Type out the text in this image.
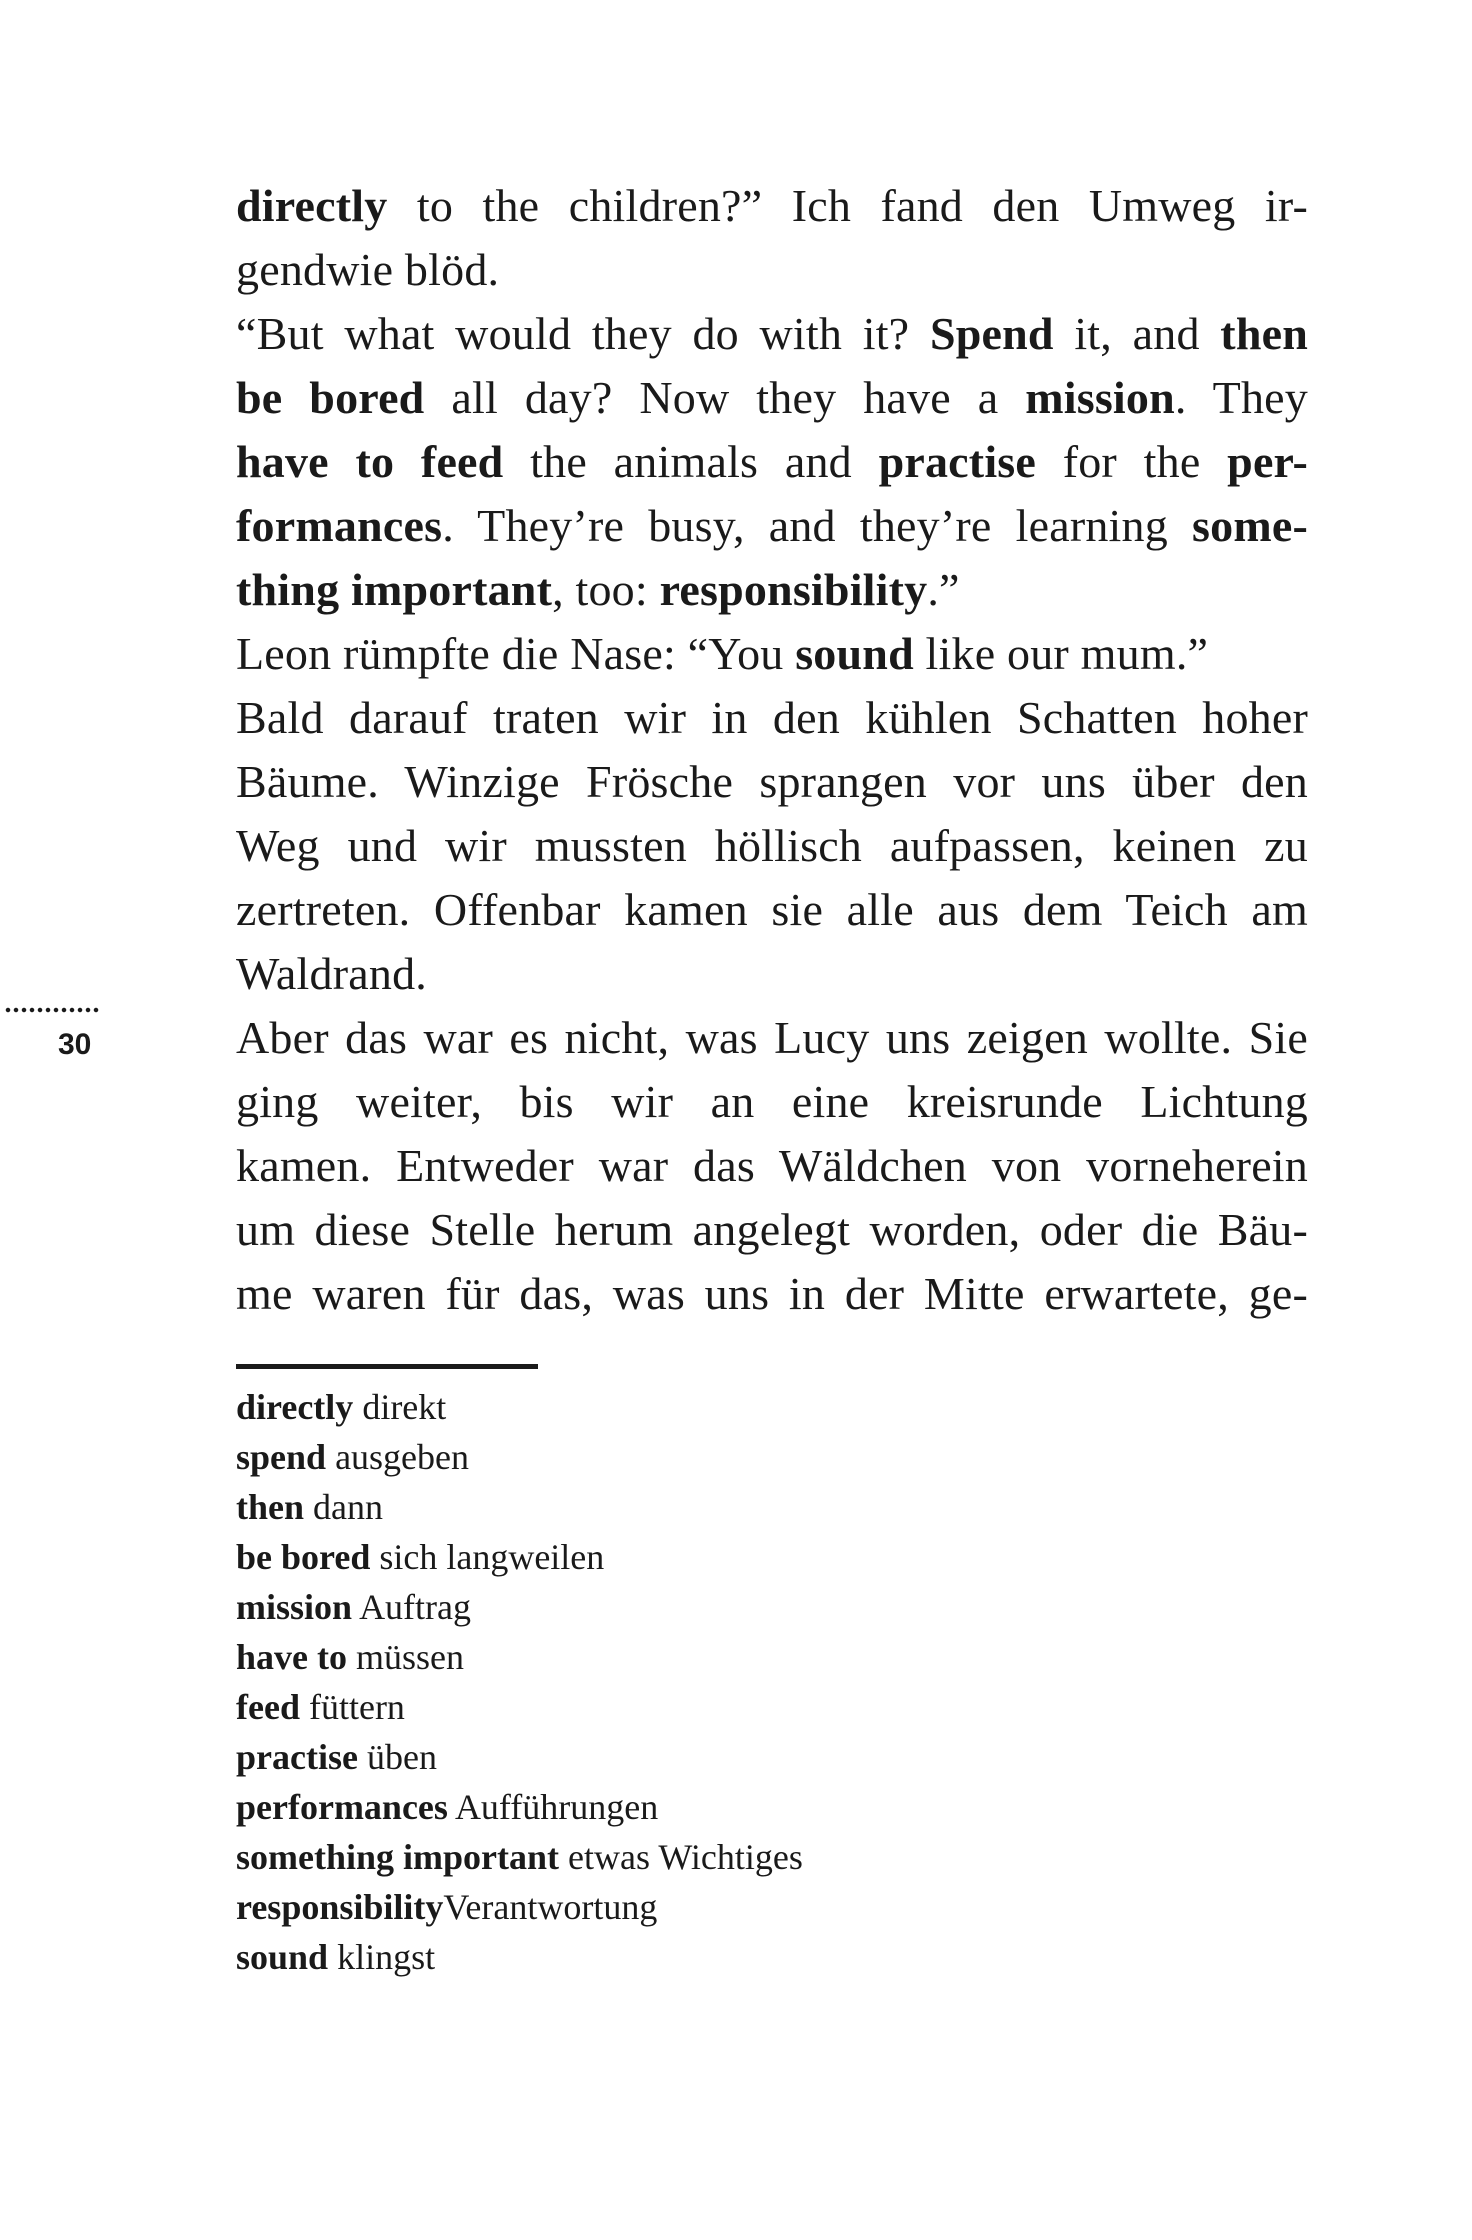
directly to the children?” Ich fand den Umweg ir-
gendwie blöd.
“But what would they do with it? Spend it, and then
be bored all day? Now they have a mission. They
have to feed the animals and practise for the per-
formances. They’re busy, and they’re learning some-
thing important, too: responsibility.”
Leon rümpfte die Nase: “You sound like our mum.”
Bald darauf traten wir in den kühlen Schatten hoher
Bäume. Winzige Frösche sprangen vor uns über den
Weg und wir mussten höllisch aufpassen, keinen zu
zertreten. Offenbar kamen sie alle aus dem Teich am
Waldrand.
Aber das war es nicht, was Lucy uns zeigen wollte. Sie
ging weiter, bis wir an eine kreisrunde Lichtung
kamen. Entweder war das Wäldchen von vorneherein
um diese Stelle herum angelegt worden, oder die Bäu-
me waren für das, was uns in der Mitte erwartete, ge-
30
directly direkt
spend ausgeben
then dann
be bored sich langweilen
mission Auftrag
have to müssen
feed füttern
practise üben
performances Aufführungen
something important etwas Wichtiges
responsibilityVerantwortung
sound klingst
